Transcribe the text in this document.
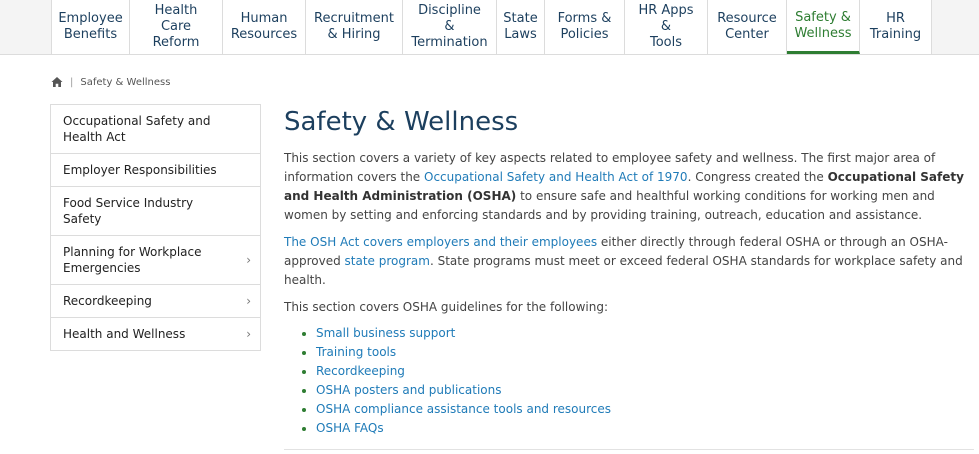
Employee
Benefits
Health Care
Reform
Human
Resources
Recruitment
& Hiring
Discipline &
Termination
State
Laws
Forms &
Policies
HR Apps &
Tools
Resource
Center
Safety &
Wellness
HR
Training
| Safety & Wellness
Occupational Safety and Health Act
Employer Responsibilities
Food Service Industry Safety
Planning for Workplace Emergencies
›
Recordkeeping	›
Health and Wellness	›
Safety & Wellness

This section covers a variety of key aspects related to employee safety and wellness. The first major area of information covers the Occupational Safety and Health Act of 1970. Congress created the Occupational Safety and Health Administration (OSHA) to ensure safe and healthful working conditions for working men and women by setting and enforcing standards and by providing training, outreach, education and assistance.

The OSH Act covers employers and their employees either directly through federal OSHA or through an OSHA-approved state program. State programs must meet or exceed federal OSHA standards for workplace safety and health.

This section covers OSHA guidelines for the following:

Small business support
Training tools
Recordkeeping
OSHA posters and publications
OSHA compliance assistance tools and resources
OSHA FAQs
